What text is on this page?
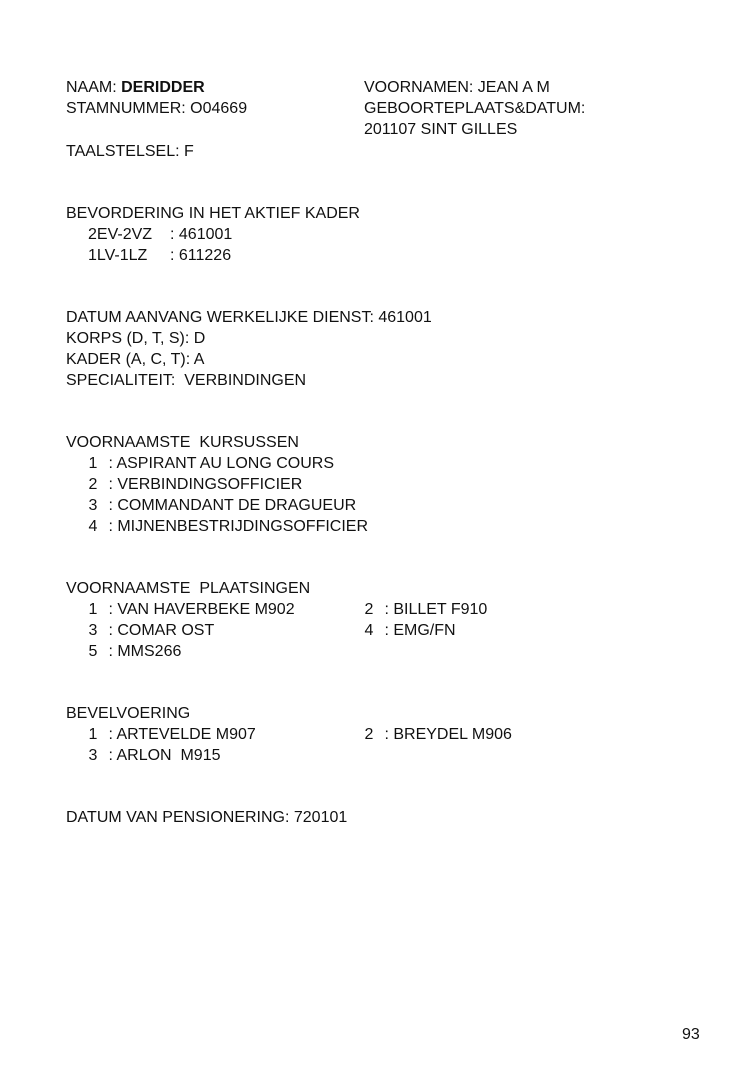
NAAM: DERIDDER
STAMNUMMER: O04669
TAALSTELSEL: F
VOORNAMEN: JEAN A M
GEBOORTEPLAATS&DATUM:
201107 SINT GILLES
BEVORDERING IN HET AKTIEF KADER
2EV-2VZ : 461001
1LV-1LZ : 611226
DATUM AANVANG WERKELIJKE DIENST: 461001
KORPS (D, T, S): D
KADER (A, C, T): A
SPECIALITEIT:  VERBINDINGEN
VOORNAAMSTE  KURSUSSEN
1 : ASPIRANT AU LONG COURS
2 : VERBINDINGSOFFICIER
3 : COMMANDANT DE DRAGUEUR
4 : MIJNENBESTRIJDINGSOFFICIER
VOORNAAMSTE  PLAATSINGEN
1 : VAN HAVERBEKE M902	2 : BILLET F910
3 : COMAR OST	4 : EMG/FN
5 : MMS266
BEVELVOERING
1 : ARTEVELDE M907	2 : BREYDEL M906
3 : ARLON  M915
DATUM VAN PENSIONERING: 720101
93
